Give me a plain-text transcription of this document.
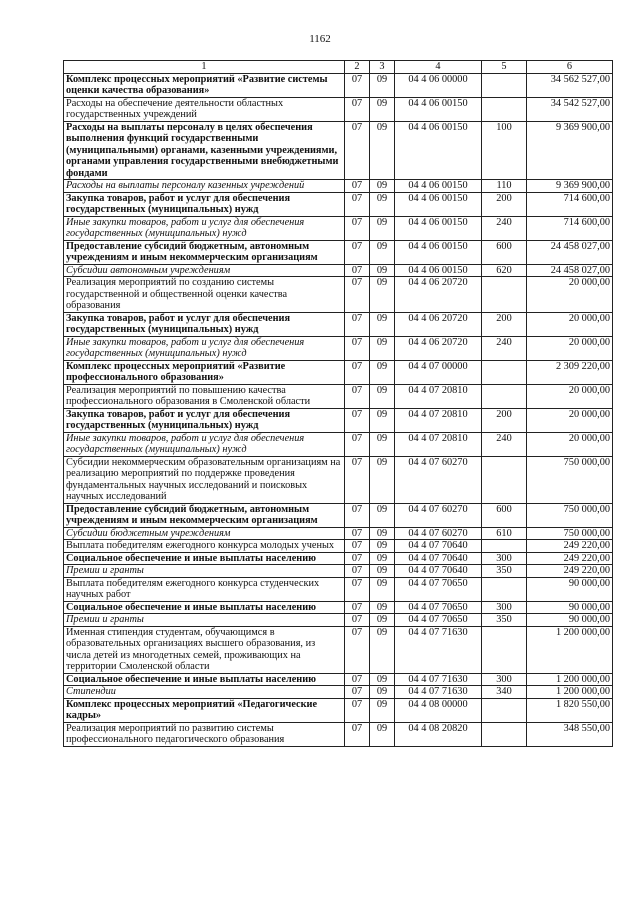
1162
1	2	3	4	5	6
Комплекс процессных мероприятий «Развитие системы оценки качества образования»	07	09	04 4 06 00000		34 562 527,00
Расходы на обеспечение деятельности областных государственных учреждений	07	09	04 4 06 00150		34 542 527,00
Расходы на выплаты персоналу в целях обеспечения выполнения функций государственными (муниципальными) органами, казенными учреждениями, органами управления государственными внебюджетными фондами	07	09	04 4 06 00150	100	9 369 900,00
Расходы на выплаты персоналу казенных учреждений	07	09	04 4 06 00150	110	9 369 900,00
Закупка товаров, работ и услуг для обеспечения государственных (муниципальных) нужд	07	09	04 4 06 00150	200	714 600,00
Иные закупки товаров, работ и услуг для обеспечения государственных (муниципальных) нужд	07	09	04 4 06 00150	240	714 600,00
Предоставление субсидий бюджетным, автономным учреждениям и иным некоммерческим организациям	07	09	04 4 06 00150	600	24 458 027,00
Субсидии автономным учреждениям	07	09	04 4 06 00150	620	24 458 027,00
Реализация мероприятий по созданию системы государственной и общественной оценки качества образования	07	09	04 4 06 20720		20 000,00
Закупка товаров, работ и услуг для обеспечения государственных (муниципальных) нужд	07	09	04 4 06 20720	200	20 000,00
Иные закупки товаров, работ и услуг для обеспечения государственных (муниципальных) нужд	07	09	04 4 06 20720	240	20 000,00
Комплекс процессных мероприятий «Развитие профессионального образования»	07	09	04 4 07 00000		2 309 220,00
Реализация мероприятий по повышению качества профессионального образования в Смоленской области	07	09	04 4 07 20810		20 000,00
Закупка товаров, работ и услуг для обеспечения государственных (муниципальных) нужд	07	09	04 4 07 20810	200	20 000,00
Иные закупки товаров, работ и услуг для обеспечения государственных (муниципальных) нужд	07	09	04 4 07 20810	240	20 000,00
Субсидии некоммерческим образовательным организациям на реализацию мероприятий по поддержке проведения фундаментальных научных исследований и поисковых научных исследований	07	09	04 4 07 60270		750 000,00
Предоставление субсидий бюджетным, автономным учреждениям и иным некоммерческим организациям	07	09	04 4 07 60270	600	750 000,00
Субсидии бюджетным учреждениям	07	09	04 4 07 60270	610	750 000,00
Выплата победителям ежегодного конкурса молодых ученых	07	09	04 4 07 70640		249 220,00
Социальное обеспечение и иные выплаты населению	07	09	04 4 07 70640	300	249 220,00
Премии и гранты	07	09	04 4 07 70640	350	249 220,00
Выплата победителям ежегодного конкурса студенческих научных работ	07	09	04 4 07 70650		90 000,00
Социальное обеспечение и иные выплаты населению	07	09	04 4 07 70650	300	90 000,00
Премии и гранты	07	09	04 4 07 70650	350	90 000,00
Именная стипендия студентам, обучающимся в образовательных организациях высшего образования, из числа детей из многодетных семей, проживающих на территории Смоленской области	07	09	04 4 07 71630		1 200 000,00
Социальное обеспечение и иные выплаты населению	07	09	04 4 07 71630	300	1 200 000,00
Стипендии	07	09	04 4 07 71630	340	1 200 000,00
Комплекс процессных мероприятий «Педагогические кадры»	07	09	04 4 08 00000		1 820 550,00
Реализация мероприятий по развитию системы профессионального педагогического образования	07	09	04 4 08 20820		348 550,00
